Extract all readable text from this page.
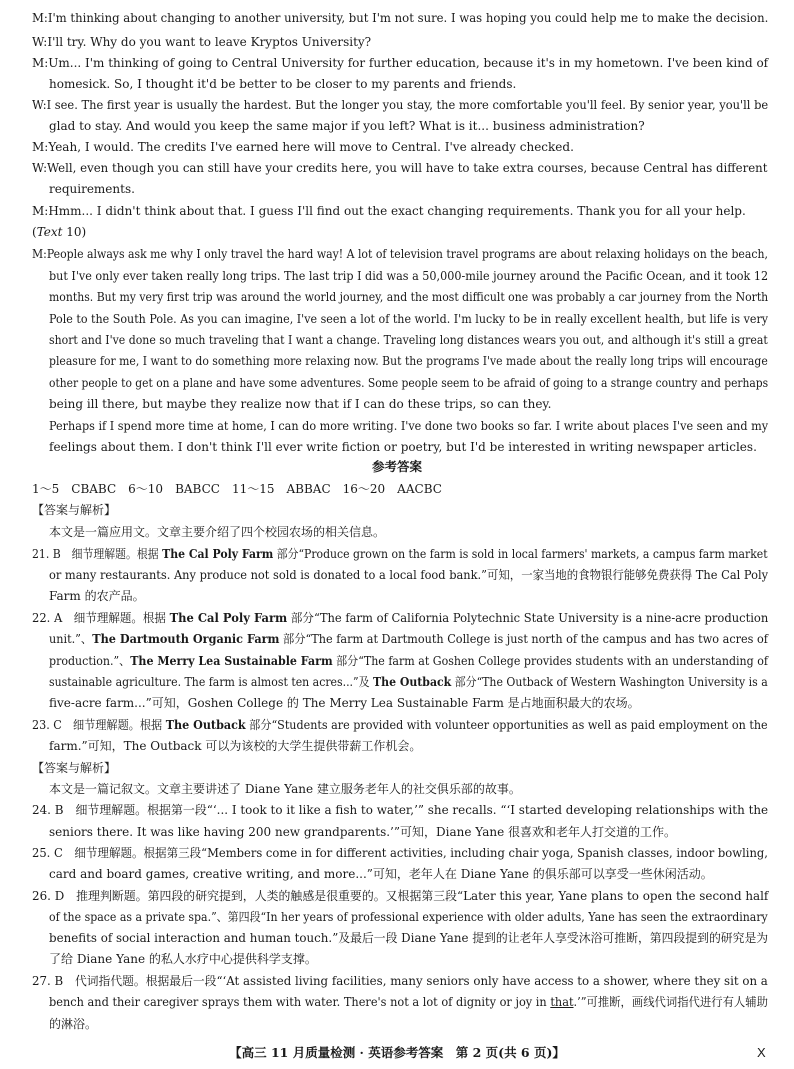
M:I'm thinking about changing to another university, but I'm not sure. I was hoping you could help me to make the decision.
W:I'll try. Why do you want to leave Kryptos University?
M:Um... I'm thinking of going to Central University for further education, because it's in my hometown. I've been kind of
homesick. So, I thought it'd be better to be closer to my parents and friends.
W:I see. The first year is usually the hardest. But the longer you stay, the more comfortable you'll feel. By senior year, you'll be
glad to stay. And would you keep the same major if you left? What is it... business administration?
M:Yeah, I would. The credits I've earned here will move to Central. I've already checked.
W:Well, even though you can still have your credits here, you will have to take extra courses, because Central has different
requirements.
M:Hmm... I didn't think about that. I guess I'll find out the exact changing requirements. Thank you for all your help.
(Text 10)
M:People always ask me why I only travel the hard way! A lot of television travel programs are about relaxing holidays on the beach,
but I've only ever taken really long trips. The last trip I did was a 50,000-mile journey around the Pacific Ocean, and it took 12
months. But my very first trip was around the world journey, and the most difficult one was probably a car journey from the North
Pole to the South Pole. As you can imagine, I've seen a lot of the world. I'm lucky to be in really excellent health, but life is very
short and I've done so much traveling that I want a change. Traveling long distances wears you out, and although it's still a great
pleasure for me, I want to do something more relaxing now. But the programs I've made about the really long trips will encourage
other people to get on a plane and have some adventures. Some people seem to be afraid of going to a strange country and perhaps
being ill there, but maybe they realize now that if I can do these trips, so can they.
Perhaps if I spend more time at home, I can do more writing. I've done two books so far. I write about places I've seen and my
feelings about them. I don't think I'll ever write fiction or poetry, but I'd be interested in writing newspaper articles.
参考答案
1～5　CBABC　6～10　BABCC　11～15　ABBAC　16～20　AACBC
【答案与解析】
本文是一篇应用文。文章主要介绍了四个校园农场的相关信息。
21. B　细节理解题。根据 The Cal Poly Farm 部分“Produce grown on the farm is sold in local farmers' markets, a campus farm market
or many restaurants. Any produce not sold is donated to a local food bank.”可知，一家当地的食物银行能够免费获得 The Cal Poly
Farm 的农产品。
22. A　细节理解题。根据 The Cal Poly Farm 部分“The farm of California Polytechnic State University is a nine-acre production
unit.”、The Dartmouth Organic Farm 部分“The farm at Dartmouth College is just north of the campus and has two acres of
production.”、The Merry Lea Sustainable Farm 部分“The farm at Goshen College provides students with an understanding of
sustainable agriculture. The farm is almost ten acres...”及 The Outback 部分“The Outback of Western Washington University is a
five-acre farm...”可知，Goshen College 的 The Merry Lea Sustainable Farm 是占地面积最大的农场。
23. C　细节理解题。根据 The Outback 部分“Students are provided with volunteer opportunities as well as paid employment on the
farm.”可知，The Outback 可以为该校的大学生提供带薪工作机会。
【答案与解析】
本文是一篇记叙文。文章主要讲述了 Diane Yane 建立服务老年人的社交俱乐部的故事。
24. B　细节理解题。根据第一段“‘... I took to it like a fish to water,’” she recalls. “‘I started developing relationships with the
seniors there. It was like having 200 new grandparents.’”可知，Diane Yane 很喜欢和老年人打交道的工作。
25. C　细节理解题。根据第三段“Members come in for different activities, including chair yoga, Spanish classes, indoor bowling,
card and board games, creative writing, and more...”可知，老年人在 Diane Yane 的俱乐部可以享受一些休闲活动。
26. D　推理判断题。第四段的研究提到，人类的触感是很重要的。又根据第三段“Later this year, Yane plans to open the second half
of the space as a private spa.”、第四段“In her years of professional experience with older adults, Yane has seen the extraordinary
benefits of social interaction and human touch.”及最后一段 Diane Yane 提到的让老年人享受沐浴可推断，第四段提到的研究是为
了给 Diane Yane 的私人水疗中心提供科学支撑。
27. B　代词指代题。根据最后一段“‘At assisted living facilities, many seniors only have access to a shower, where they sit on a
bench and their caregiver sprays them with water. There's not a lot of dignity or joy in that.’”可推断，画线代词指代进行有人辅助
的淋浴。
【高三 11 月质量检测 · 英语参考答案　第 2 页(共 6 页)】	X
